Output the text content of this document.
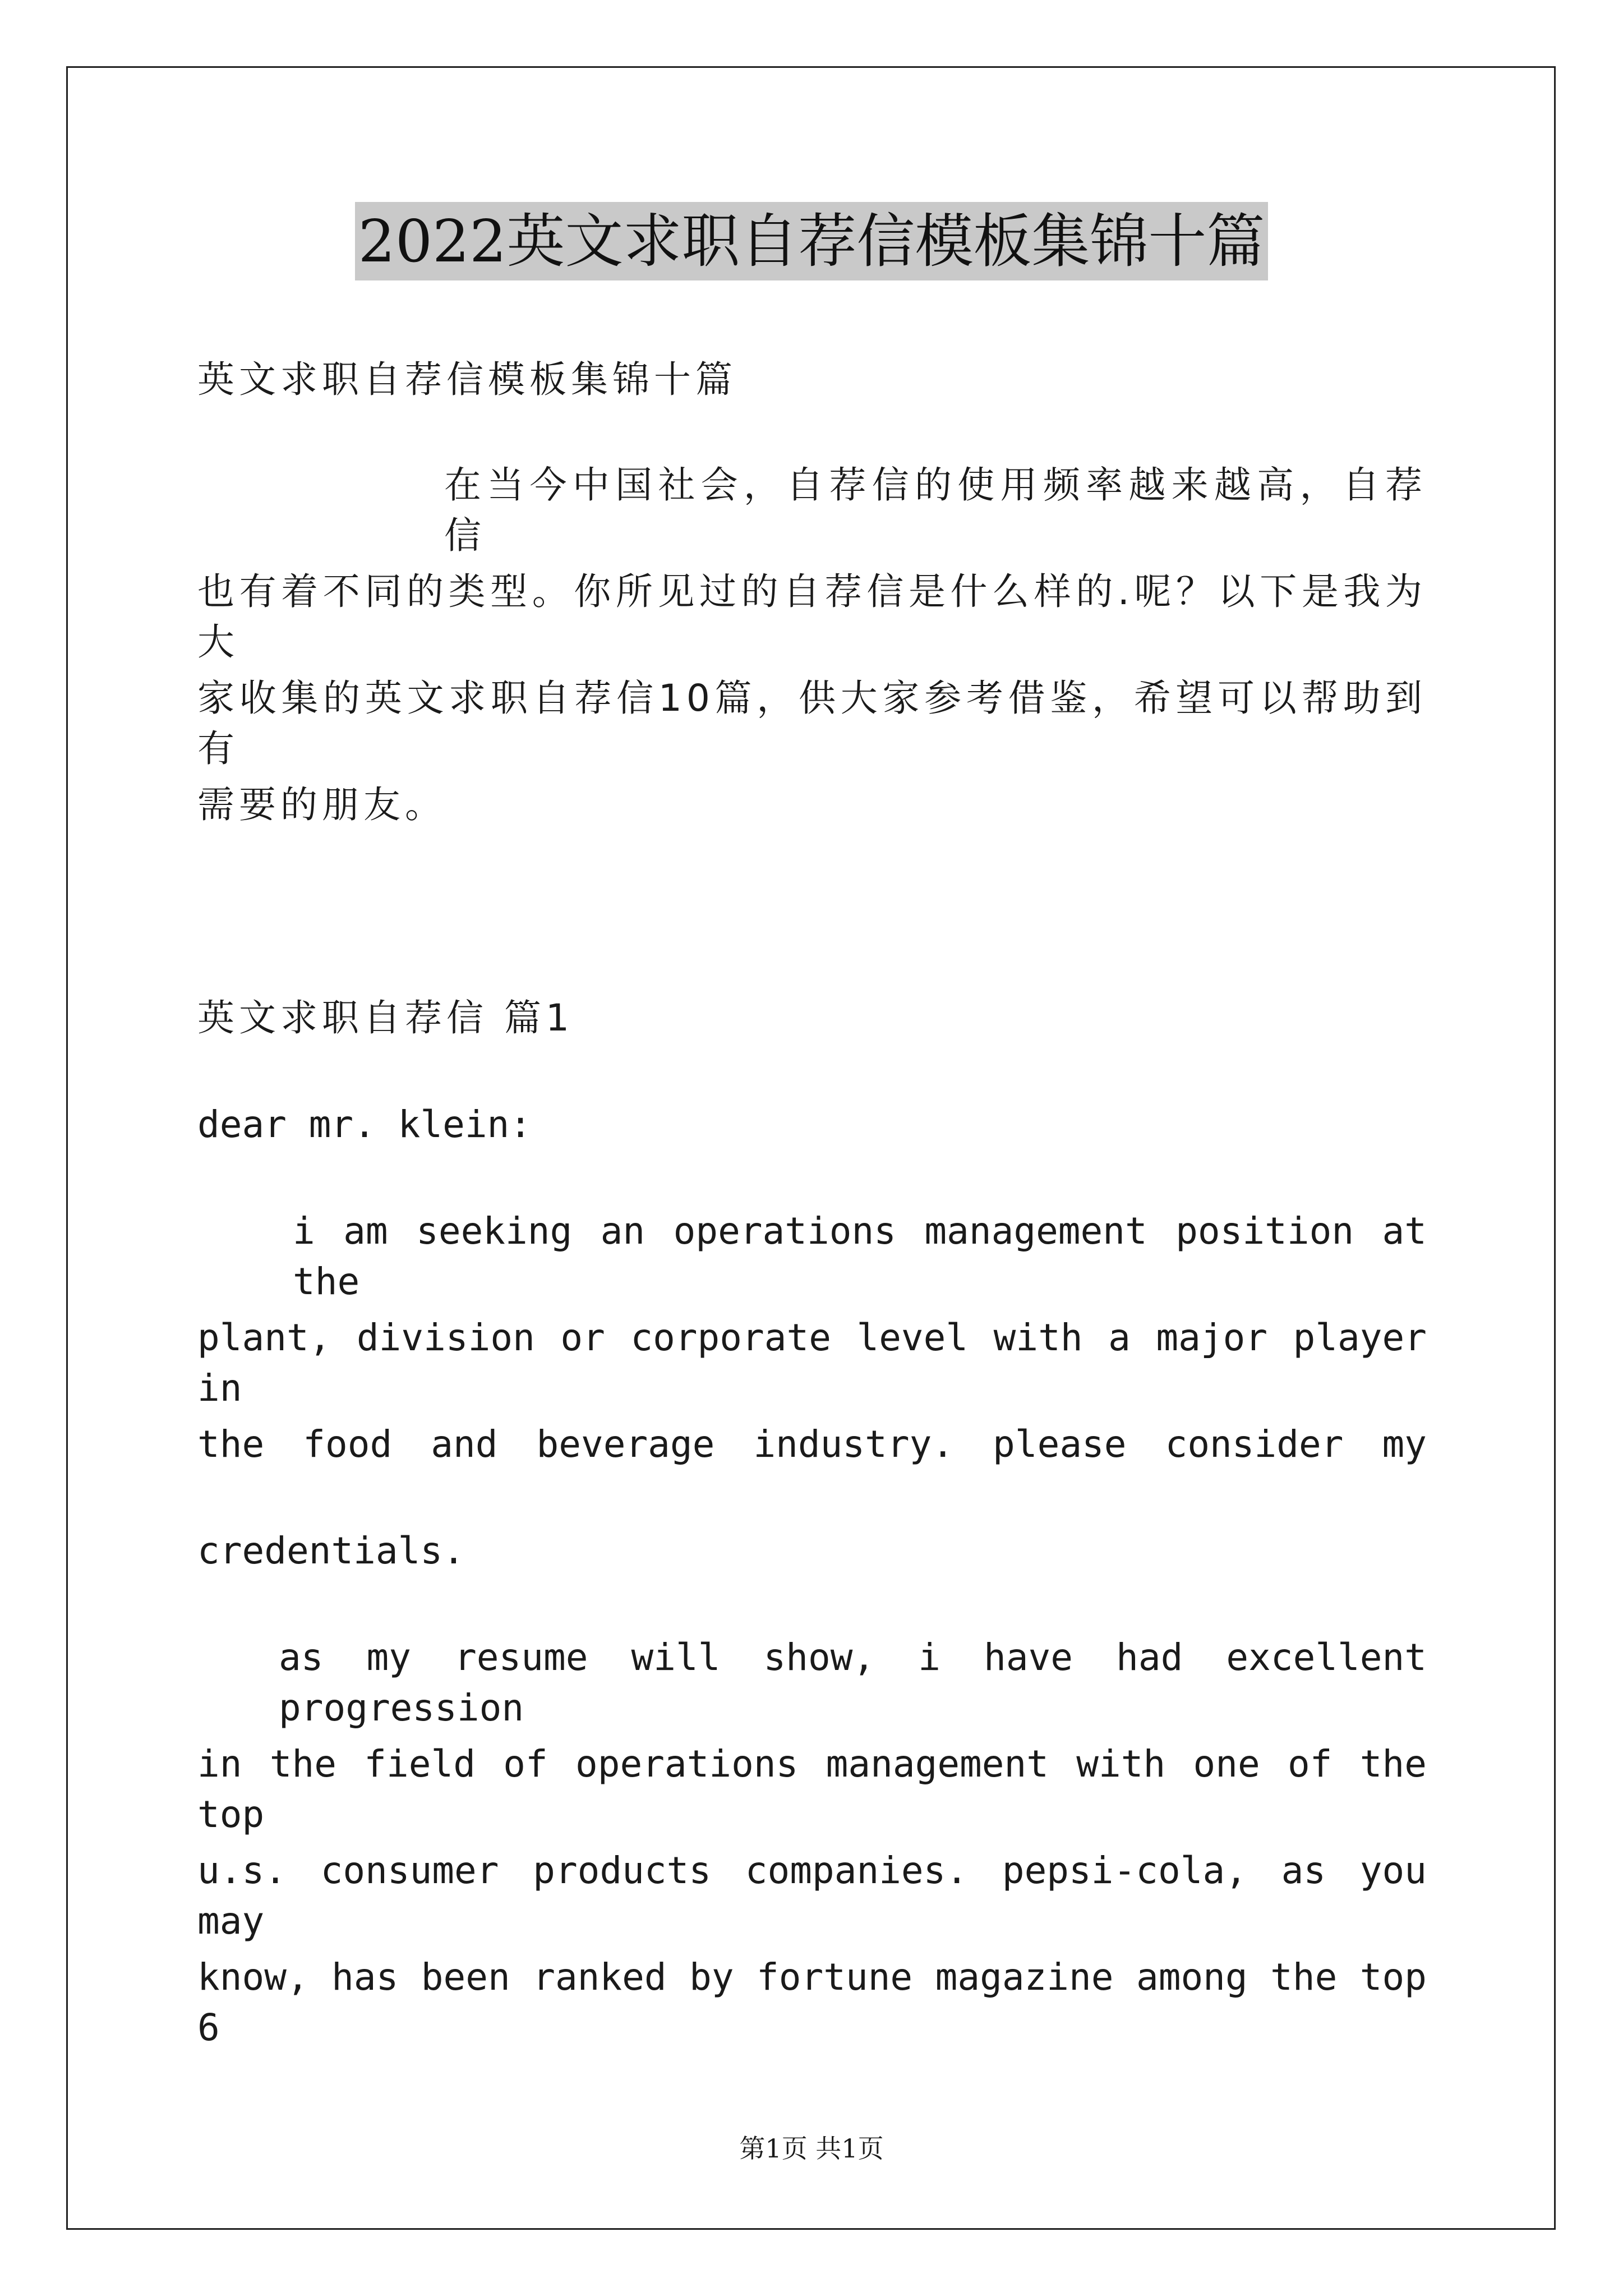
2022英文求职自荐信模板集锦十篇
英文求职自荐信模板集锦十篇
在当今中国社会，自荐信的使用频率越来越高，自荐信
也有着不同的类型。你所见过的自荐信是什么样的.呢？以下是我为大
家收集的英文求职自荐信10篇，供大家参考借鉴，希望可以帮助到有
需要的朋友。
英文求职自荐信 篇1
dear mr. klein:
i am seeking an operations management position at the
plant, division or corporate level with a major player in
the food and beverage industry. please consider my
credentials.
as my resume will show, i have had excellent progression
in the field of operations management with one of the top
u.s. consumer products companies. pepsi-cola, as you may
know, has been ranked by fortune magazine among the top 6
第1页 共1页
